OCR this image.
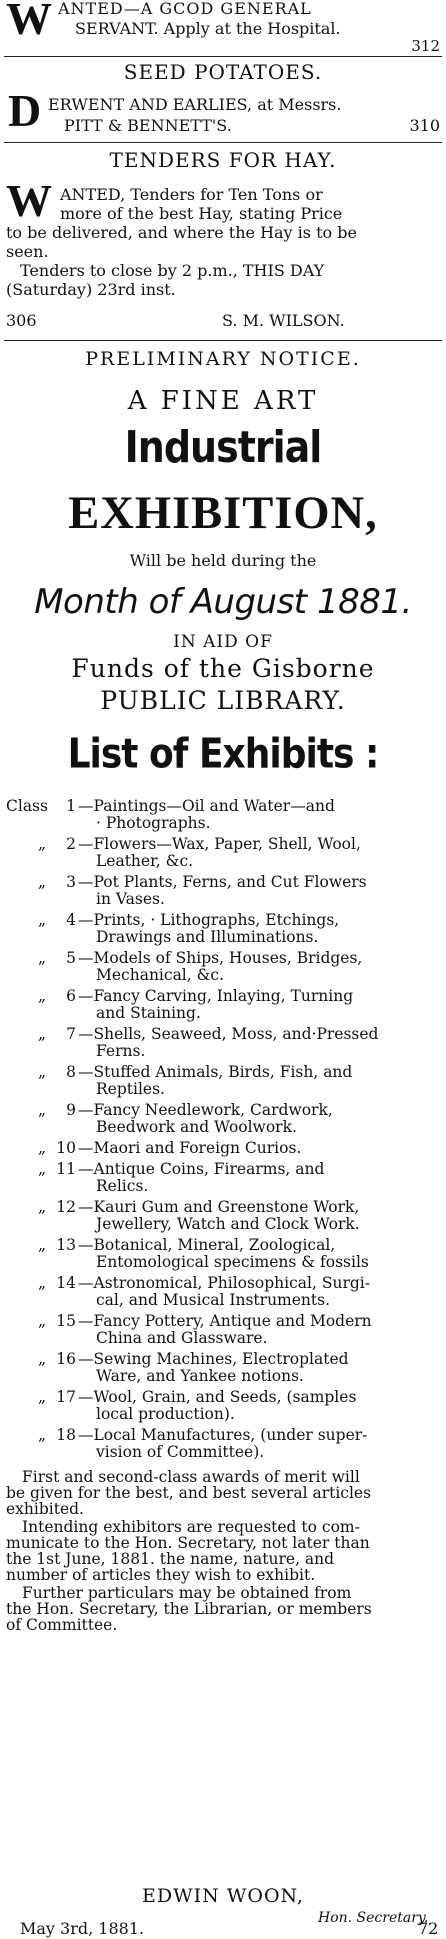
W ANTED—A GCOD GENERAL
SERVANT. Apply at the Hospital.
312
SEED POTATOES.
D ERWENT AND EARLIES, at Messrs.
PITT & BENNETT'S.	310
TENDERS FOR HAY.
W ANTED, Tenders for Ten Tons or
more of the best Hay, stating Price
to be delivered, and where the Hay is to be
seen.
Tenders to close by 2 p.m., THIS DAY
(Saturday) 23rd inst.
306	S. M. WILSON.
PRELIMINARY NOTICE.
A FINE ART
Industrial
EXHIBITION,
Will be held during the
Month of August 1881.
IN AID OF
Funds of the Gisborne
PUBLIC LIBRARY.
List of Exhibits :
Class	1 —Paintings—Oil and Water—and
· Photographs.
„	2 —Flowers—Wax, Paper, Shell, Wool,
Leather, &c.
„	3 —Pot Plants, Ferns, and Cut Flowers
in Vases.
„	4 —Prints, · Lithographs, Etchings,
Drawings and Illuminations.
„	5 —Models of Ships, Houses, Bridges,
Mechanical, &c.
„	6 —Fancy Carving, Inlaying, Turning
and Staining.
„	7 —Shells, Seaweed, Moss, and·Pressed
Ferns.
„	8 —Stuffed Animals, Birds, Fish, and
Reptiles.
„	9 —Fancy Needlework, Cardwork,
Beedwork and Woolwork.
„ 10 —Maori and Foreign Curios.
„ 11 —Antique Coins, Firearms, and
Relics.
„ 12 —Kauri Gum and Greenstone Work,
Jewellery, Watch and Clock Work.
„ 13 —Botanical, Mineral, Zoological,
Entomological specimens & fossils
„ 14 —Astronomical, Philosophical, Surgi-
cal, and Musical Instruments.
„ 15 —Fancy Pottery, Antique and Modern
China and Glassware.
„ 16 —Sewing Machines, Electroplated
Ware, and Yankee notions.
„ 17 —Wool, Grain, and Seeds, (samples
local production).
„ 18 —Local Manufactures, (under super-
vision of Committee).
First and second-class awards of merit will
be given for the best, and best several articles
exhibited.
Intending exhibitors are requested to com-
municate to the Hon. Secretary, not later than
the 1st June, 1881. the name, nature, and
number of articles they wish to exhibit.
Further particulars may be obtained from
the Hon. Secretary, the Librarian, or members
of Committee.
EDWIN WOON,
Hon. Secretary.
May 3rd, 1881.	72
